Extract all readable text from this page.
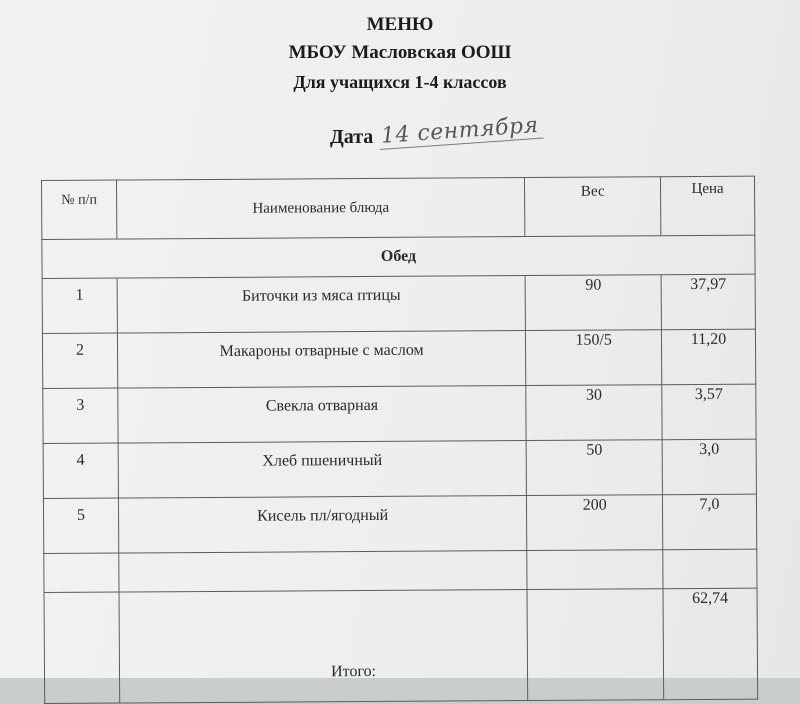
МЕНЮ
МБОУ Масловская ООШ
Для учащихся 1-4 классов
Дата 14 сентября
№ п/п	Наименование блюда	Вес	Цена
Обед			
1	Биточки из мяса птицы	90	37,97
2	Макароны отварные с маслом	150/5	11,20
3	Свекла отварная	30	3,57
4	Хлеб пшеничный	50	3,0
5	Кисель пл/ягодный	200	7,0

	Итого:		62,74
